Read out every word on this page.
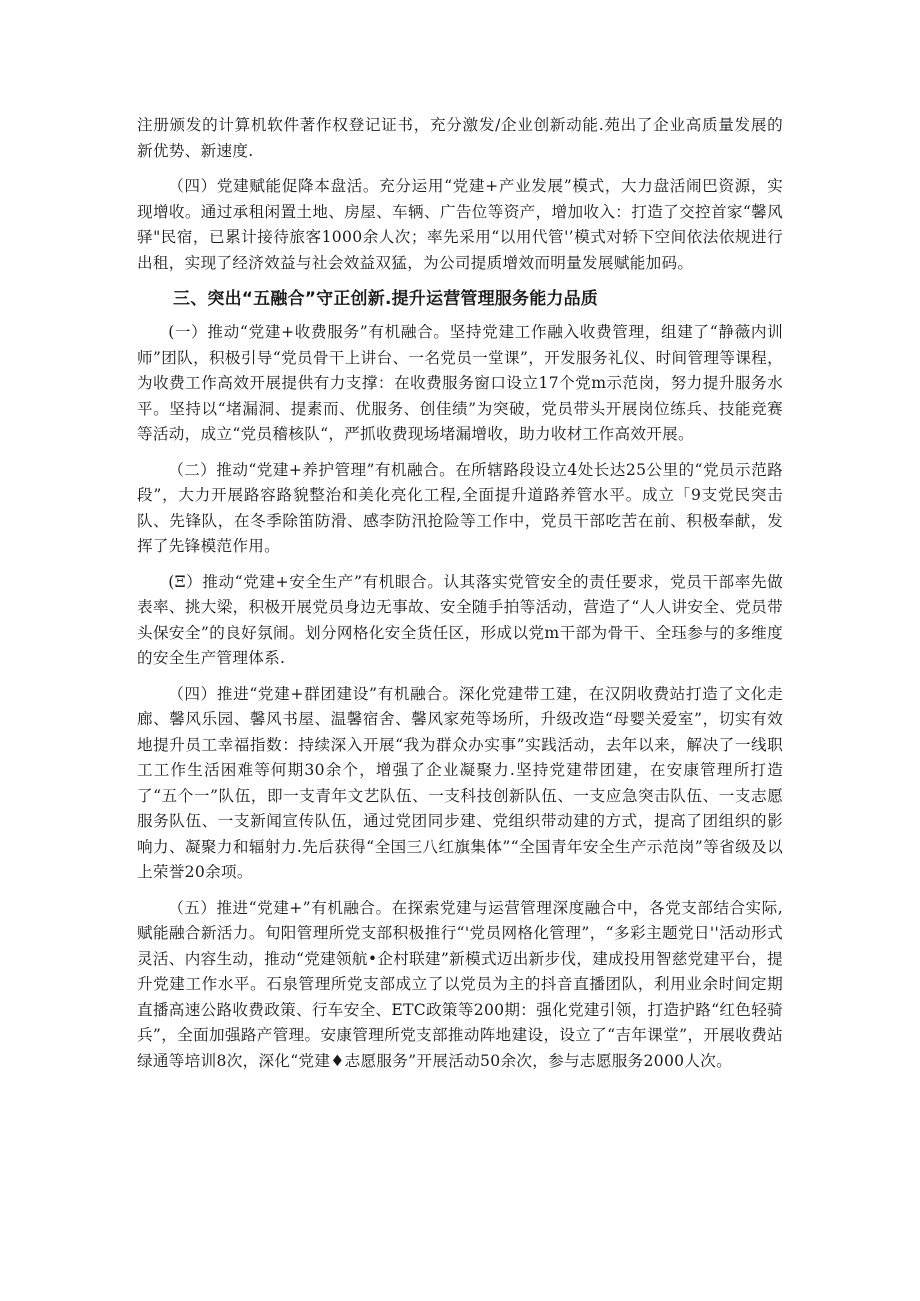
注册颁发的计算机软件著作权登记证书，充分激发/企业创新动能.苑出了企业高质量发展的新优势、新速度.

（四）党建赋能促降本盘活。充分运用“党建+产业发展”模式，大力盘活闹巴资源，实现增收。通过承租闲置土地、房屋、车辆、广告位等资产，增加收入：打造了交控首家“馨风驿"民宿，已累计接待旅客1000余人次；率先采用“以用代管'’模式对轿下空间依法依规进行出租，实现了经济效益与社会效益双猛，为公司提质增效而明量发展赋能加码。

三、突出“五融合”守正创新.提升运营管理服务能力品质

(一）推动“党建+收费服务”有机融合。坚持党建工作融入收费管理，组建了“静薇内训师”团队，积极引导“党员骨干上讲台、一名党员一堂课”，开发服务礼仪、时间管理等课程，为收费工作高效开展提供有力支撑：在收费服务窗口设立17个党m示范岗，努力提升服务水平。坚持以“堵漏洞、提素而、优服务、创佳绩”为突破，党员带头开展岗位练兵、技能竞赛等活动，成立“党员稽核队“，严抓收费现场堵漏增收，助力收材工作高效开展。

（二）推动“党建+养护管理”有机融合。在所辖路段设立4处长达25公里的“党员示范路段”，大力开展路容路貌整治和美化亮化工程,全面提升道路养管水平。成立「9支党民突击队、先锋队，在冬季除笛防滑、感李防汛抢险等工作中，党员干部吃苦在前、积极奉献，发挥了先锋模范作用。

(Ξ）推动“党建+安全生产”有机眼合。认其落实党管安全的责任要求，党员干部率先做表率、挑大梁，积极开展党员身边无事故、安全随手拍等活动，营造了“人人讲安全、党员带头保安全”的良好氛闹。划分网格化安全货任区，形成以党m干部为骨干、全珏参与的多维度的安全生产管理体系.

（四）推进“党建+群团建设”有机融合。深化党建带工建，在汉阴收费站打造了文化走廊、馨风乐园、馨风书屋、温馨宿舍、馨风家苑等场所，升级改造“母婴关爱室”，切实有效地提升员工幸福指数：持续深入开展“我为群众办实事”实践活动，去年以来，解决了一线职工工作生活困难等何期30余个，增强了企业凝聚力.坚持党建带团建，在安康管理所打造了“五个一”队伍，即一支青年文艺队伍、一支科技创新队伍、一支应急突击队伍、一支志愿服务队伍、一支新闻宣传队伍，通过党团同步建、党组织带动建的方式，提高了团组织的影响力、凝聚力和辐射力.先后获得“全国三八红旗集体”“全国青年安全生产示范岗”等省级及以上荣誉20余项。

（五）推进“党建+”有机融合。在探索党建与运营管理深度融合中，各党支部结合实际,赋能融合新活力。旬阳管理所党支部积极推行“'党员网格化管理”，“多彩主题党日''活动形式灵活、内容生动，推动“党建领航•企村联建”新模式迈出新步伐，建成投用智慈党建平台，提升党建工作水平。石泉管理所党支部成立了以党员为主的抖音直播团队，利用业余时间定期直播高速公路收费政策、行车安全、ETC政策等200期：强化党建引领，打造护路“红色轻骑兵”，全面加强路产管理。安康管理所党支部推动阵地建设，设立了“吉年课堂”，开展收费站绿通等培训8次，深化“党建♦志愿服务”开展活动50余次，参与志愿服务2000人次。
